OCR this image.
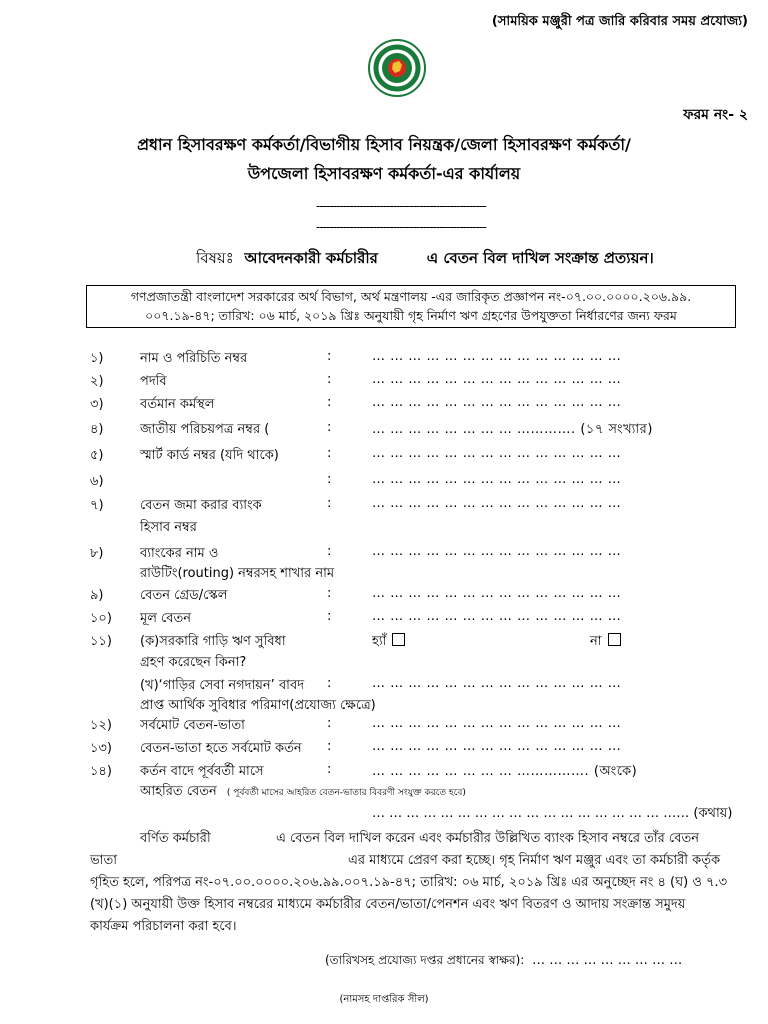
(সাময়িক মঞ্জুরী পত্র জারি করিবার সময় প্রযোজ্য)
ফরম নং- ২
প্রধান হিসাবরক্ষণ কর্মকর্তা/বিভাগীয় হিসাব নিয়ন্ত্রক/জেলা হিসাবরক্ষণ কর্মকর্তা/
উপজেলা হিসাবরক্ষণ কর্মকর্তা-এর কার্যালয়
---------------------------------------------------
---------------------------------------------------
বিষয়ঃ আবেদনকারী কর্মচারীর	এ বেতন বিল দাখিল সংক্রান্ত প্রত্যয়ন।
গণপ্রজাতন্ত্রী বাংলাদেশ সরকারের অর্থ বিভাগ, অর্থ মন্ত্রণালয় -এর জারিকৃত প্রজ্ঞাপন নং-০৭.০০.০০০০.২০৬.৯৯.
০০৭.১৯-৪৭; তারিখ: ০৬ মার্চ, ২০১৯ খ্রিঃ অনুযায়ী গৃহ নির্মাণ ঋণ গ্রহণের উপযুক্ততা নির্ধারণের জন্য ফরম
১)	নাম ও পরিচিতি নম্বর	:	… … … … … … … … … … … … … …
২)	পদবি	:	… … … … … … … … … … … … … …
৩)	বর্তমান কর্মস্থল	:	… … … … … … … … … … … … … …
৪)	জাতীয় পরিচয়পত্র নম্বর (	:	… … … … … … … … …………. (১৭ সংখ্যার)
৫)	স্মার্ট কার্ড নম্বর (যদি থাকে)	:	… … … … … … … … … … … … … …
৬)	:	… … … … … … … … … … … … … …
৭)	বেতন জমা করার ব্যাংক	:	… … … … … … … … … … … … … …
হিসাব নম্বর
৮)	ব্যাংকের নাম ও	:	… … … … … … … … … … … … … …
রাউটিং(routing) নম্বরসহ শাখার নাম
৯)	বেতন গ্রেড/স্কেল	:	… … … … … … … … … … … … … …
১০) মূল বেতন	:	… … … … … … … … … … … … … …
১১) (ক)সরকারি গাড়ি ঋণ সুবিধা	হ্যাঁ	না
গ্রহণ করেছেন কিনা?
(খ)‘গাড়ির সেবা নগদায়ন’ বাবদ :	… … … … … … … … … … … … … …
প্রাপ্ত আর্থিক সুবিধার পরিমাণ(প্রযোজ্য ক্ষেত্রে)
১২) সর্বমোট বেতন-ভাতা	:	… … … … … … … … … … … … … …
১৩) বেতন-ভাতা হতে সর্বমোট কর্তন :	… … … … … … … … … … … … … …
১৪) কর্তন বাদে পূর্ববর্তী মাসে	:	… … … … … … … … ……………. (অংকে)
আহরিত বেতন ( পূর্ববর্তী মাসের আহরিত বেতন-ভাতার বিবরণী সংযুক্ত করতে হবে)
… … … … … … … … … … … … … … … … … …… (কথায়)
বর্ণিত কর্মচারী	এ বেতন বিল দাখিল করেন এবং কর্মচারীর উল্লিখিত ব্যাংক হিসাব নম্বরে তাঁর বেতন
ভাতা	এর মাধ্যমে প্রেরণ করা হচ্ছে। গৃহ নির্মাণ ঋণ মঞ্জুর এবং তা কর্মচারী কর্তৃক
গৃহিত হলে, পরিপত্র নং-০৭.০০.০০০০.২০৬.৯৯.০০৭.১৯-৪৭; তারিখ: ০৬ মার্চ, ২০১৯ খ্রিঃ এর অনুচ্ছেদ নং ৪ (ঘ) ও ৭.৩
(খ)(১) অনুযায়ী উক্ত হিসাব নম্বরের মাধ্যমে কর্মচারীর বেতন/ভাতা/পেনশন এবং ঋণ বিতরণ ও আদায় সংক্রান্ত সমুদয়
কার্যক্রম পরিচালনা করা হবে।
(তারিখসহ প্রযোজ্য দপ্তর প্রধানের স্বাক্ষর): … … … … … … … … …
(নামসহ দাপ্তরিক সীল)
